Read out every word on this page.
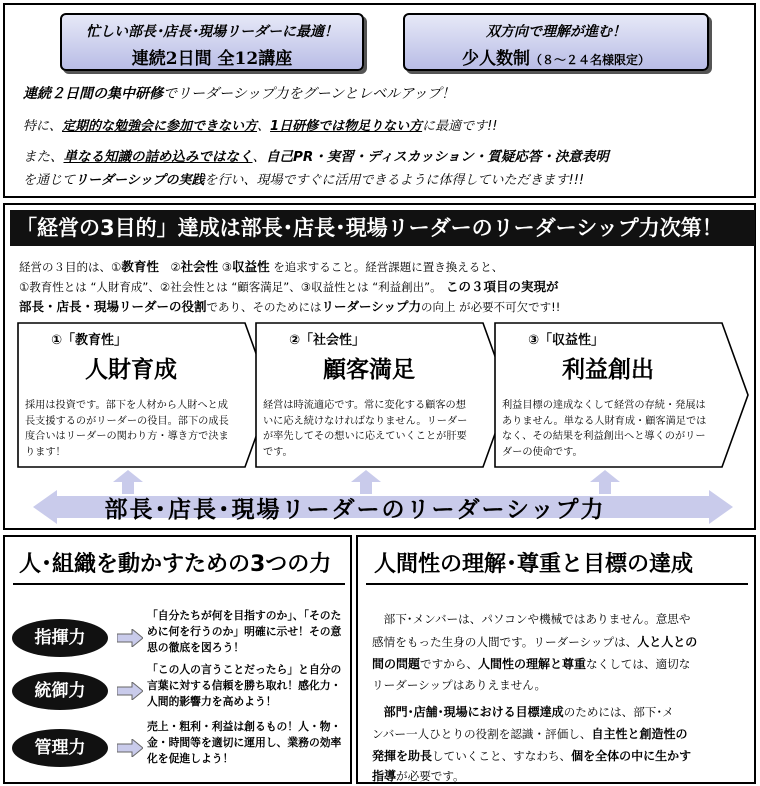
忙しい部長･店長･現場リーダーに最適！
連続2日間 全12講座
双方向で理解が進む！
少人数制（８～２４名様限定）
連続２日間の集中研修でリーダーシップ力をグーンとレベルアップ！
特に、定期的な勉強会に参加できない方、1日研修では物足りない方に最適です!!
また、単なる知識の詰め込みではなく、自己PR・実習・ディスカッション・質疑応答・決意表明
を通じてリーダーシップの実践を行い、現場ですぐに活用できるように体得していただきます!!!
「経営の3目的」達成は部長･店長･現場リーダーのリーダーシップ力次第！
経営の３目的は、①教育性　②社会性 ③収益性 を追求すること。経営課題に置き換えると、
①教育性とは “人財育成”、②社会性とは “顧客満足”、③収益性とは “利益創出”。 この３項目の実現が
部長・店長・現場リーダーの役割であり、そのためにはリーダーシップ力の向上 が必要不可欠です!!
①「教育性」
人財育成
採用は投資です。部下を人材から人財へと成長支援するのがリーダーの役目。部下の成長度合いはリーダーの関わり方・導き方で決まります！
②「社会性」
顧客満足
経営は時流適応です。常に変化する顧客の想いに応え続けなければなりません。リーダーが率先してその想いに応えていくことが肝要です。
③「収益性」
利益創出
利益目標の達成なくして経営の存続・発展はありません。単なる人財育成・顧客満足ではなく、その結果を利益創出へと導くのがリーダーの使命です。
部長･店長･現場リーダーのリーダーシップ力
人･組織を動かすための3つの力
指揮力
「自分たちが何を目指すのか」、「そのために何を行うのか」明確に示せ！その意思の徹底を図ろう！
統御力
「この人の言うことだったら」と自分の言葉に対する信頼を勝ち取れ！感化力・人間的影響力を高めよう！
管理力
売上・粗利・利益は創るもの！人・物・金・時間等を適切に運用し、業務の効率化を促進しよう！
人間性の理解･尊重と目標の達成
　部下･メンバーは、パソコンや機械ではありません。意思や
感情をもった生身の人間です。リーダーシップは、人と人との
間の問題ですから、人間性の理解と尊重なくしては、適切な
リーダーシップはありえません。
　部門･店舗･現場における目標達成のためには、部下･メ
ンバー一人ひとりの役割を認識・評価し、自主性と創造性の
発揮を助長していくこと、すなわち、個を全体の中に生かす
指導が必要です。
